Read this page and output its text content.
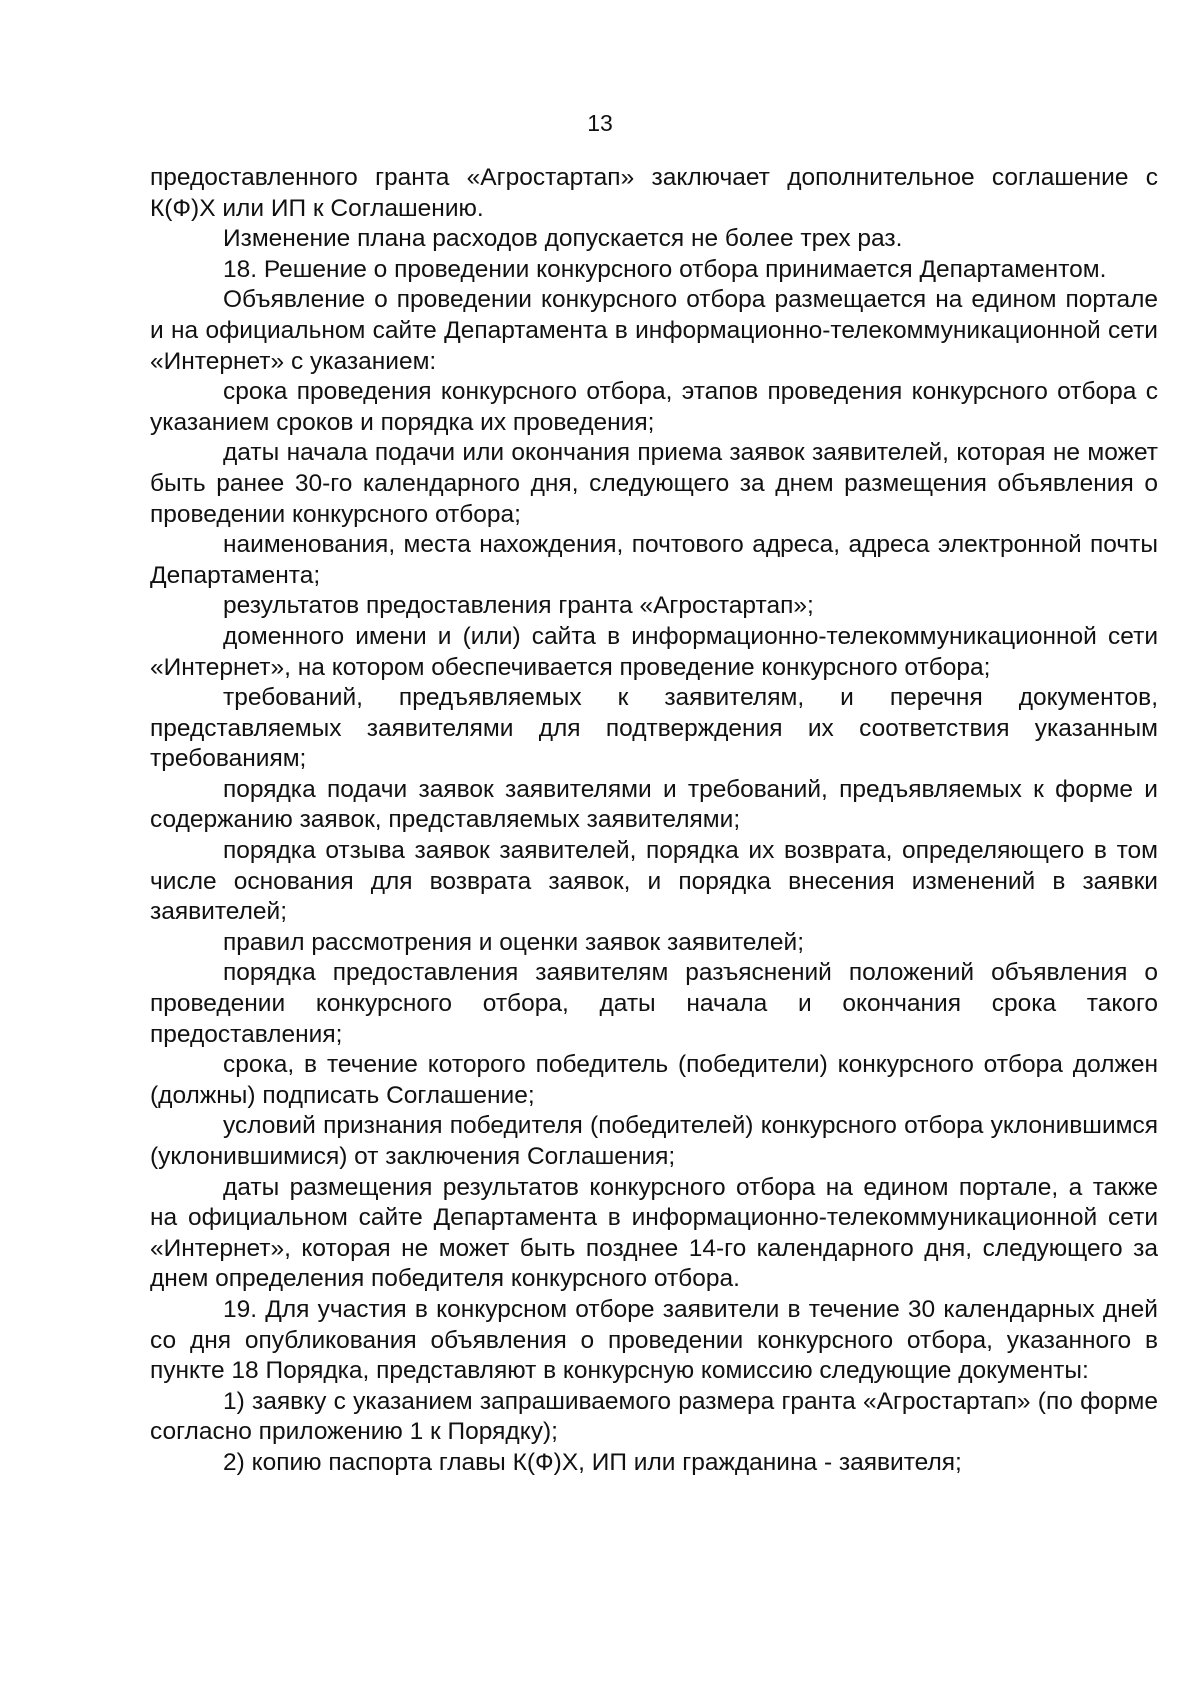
13

предоставленного гранта «Агростартап» заключает дополнительное соглашение с К(Ф)Х или ИП к Соглашению.

Изменение плана расходов допускается не более трех раз.

18. Решение о проведении конкурсного отбора принимается Департаментом.

Объявление о проведении конкурсного отбора размещается на едином портале и на официальном сайте Департамента в информационно-телекоммуникационной сети «Интернет» с указанием:

срока проведения конкурсного отбора, этапов проведения конкурсного отбора с указанием сроков и порядка их проведения;

даты начала подачи или окончания приема заявок заявителей, которая не может быть ранее 30-го календарного дня, следующего за днем размещения объявления о проведении конкурсного отбора;

наименования, места нахождения, почтового адреса, адреса электронной почты Департамента;

результатов предоставления гранта «Агростартап»;

доменного имени и (или) сайта в информационно-телекоммуникационной сети «Интернет», на котором обеспечивается проведение конкурсного отбора;

требований, предъявляемых к заявителям, и перечня документов, представляемых заявителями для подтверждения их соответствия указанным требованиям;

порядка подачи заявок заявителями и требований, предъявляемых к форме и содержанию заявок, представляемых заявителями;

порядка отзыва заявок заявителей, порядка их возврата, определяющего в том числе основания для возврата заявок, и порядка внесения изменений в заявки заявителей;

правил рассмотрения и оценки заявок заявителей;

порядка предоставления заявителям разъяснений положений объявления о проведении конкурсного отбора, даты начала и окончания срока такого предоставления;

срока, в течение которого победитель (победители) конкурсного отбора должен (должны) подписать Соглашение;

условий признания победителя (победителей) конкурсного отбора уклонившимся (уклонившимися) от заключения Соглашения;

даты размещения результатов конкурсного отбора на едином портале, а также на официальном сайте Департамента в информационно-телекоммуникационной сети «Интернет», которая не может быть позднее 14-го календарного дня, следующего за днем определения победителя конкурсного отбора.

19. Для участия в конкурсном отборе заявители в течение 30 календарных дней со дня опубликования объявления о проведении конкурсного отбора, указанного в пункте 18 Порядка, представляют в конкурсную комиссию следующие документы:

1) заявку с указанием запрашиваемого размера гранта «Агростартап» (по форме согласно приложению 1 к Порядку);

2) копию паспорта главы К(Ф)Х, ИП или гражданина - заявителя;
